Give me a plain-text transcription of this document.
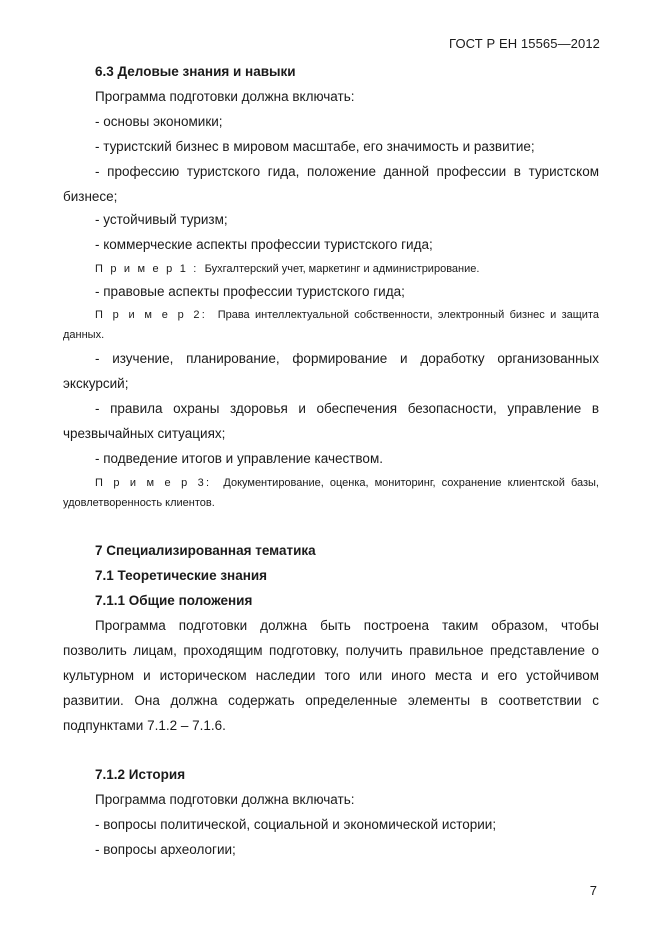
ГОСТ Р ЕН 15565—2012
6.3 Деловые знания и навыки
Программа подготовки должна включать:
- основы экономики;
- туристский бизнес в мировом масштабе, его значимость и развитие;
- профессию туристского гида, положение данной профессии в туристском бизнесе;
- устойчивый туризм;
- коммерческие аспекты профессии туристского гида;
П р и м е р 1 : Бухгалтерский учет, маркетинг и администрирование.
- правовые аспекты профессии туристского гида;
П р и м е р 2: Права интеллектуальной собственности, электронный бизнес и защита данных.
- изучение, планирование, формирование и доработку организованных экскурсий;
- правила охраны здоровья и обеспечения безопасности, управление в чрезвычайных ситуациях;
- подведение итогов и управление качеством.
П р и м е р 3: Документирование, оценка, мониторинг, сохранение клиентской базы, удовлетворенность клиентов.
7 Специализированная тематика
7.1 Теоретические знания
7.1.1 Общие положения
Программа подготовки должна быть построена таким образом, чтобы позволить лицам, проходящим подготовку, получить правильное представление о культурном и историческом наследии того или иного места и его устойчивом развитии. Она должна содержать определенные элементы в соответствии с подпунктами 7.1.2 – 7.1.6.
7.1.2 История
Программа подготовки должна включать:
- вопросы политической, социальной и экономической истории;
- вопросы археологии;
7
